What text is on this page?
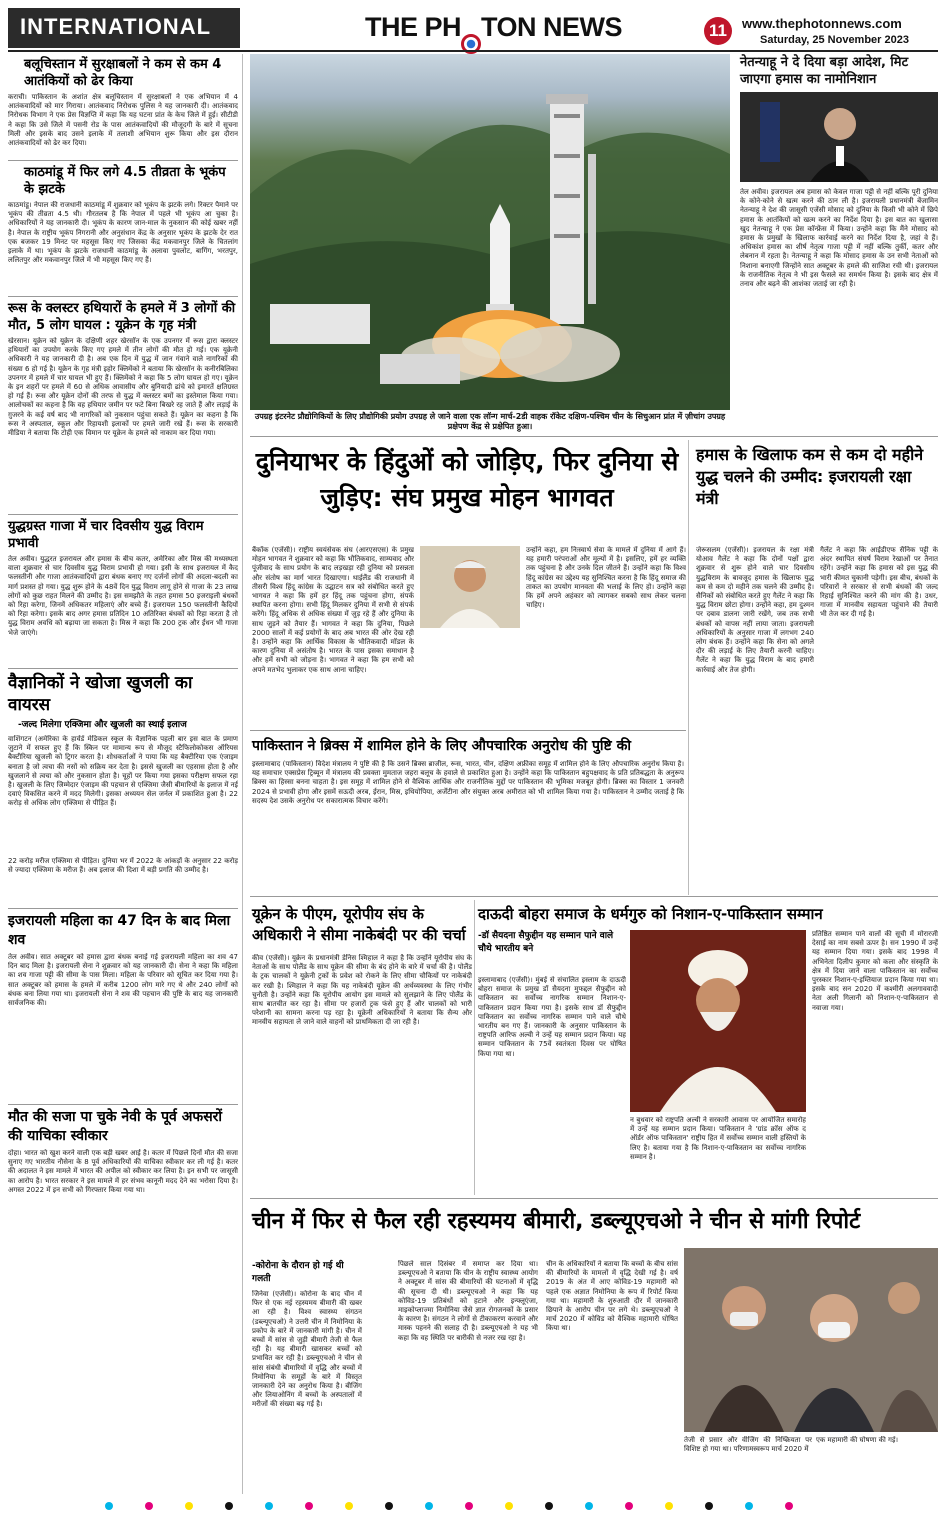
INTERNATIONAL	THE PH TON NEWS	11	www.thephotonnews.com
Saturday, 25 November 2023
बलूचिस्तान में सुरक्षाबलों ने कम से कम 4 आतंकियों को ढेर किया
कराची। पाकिस्तान के अशांत क्षेत्र बलूचिस्तान में सुरक्षाबलों ने एक अभियान में 4 आतंकवादियों को मार गिराया। आतंकवाद निरोधक पुलिस ने यह जानकारी दी। आतंकवाद निरोधक विभाग ने एक प्रेस विज्ञप्ति में कहा कि यह घटना प्रांत के केच जिले में हुई। सीटीडी ने कहा कि उसे जिले में पसनी रोड के पास आतंकवादियों की मौजूदगी के बारे में सूचना मिली और इसके बाद उसने इलाके में तलाशी अभियान शुरू किया और इस दौरान आतंकवादियों को ढेर कर दिया।
काठमांडू में फिर लगे 4.5 तीव्रता के भूकंप के झटके
काठमांडू। नेपाल की राजधानी काठमांडू में शुक्रवार को भूकंप के झटके लगे। रिक्टर पैमाने पर भूकंप की तीव्रता 4.5 थी। गौरतलब है कि नेपाल में पहले भी भूकंप आ चुका है। अधिकारियों ने यह जानकारी दी। भूकंप के कारण जान-माल के नुकसान की कोई खबर नहीं है। नेपाल के राष्ट्रीय भूकंप निगरानी और अनुसंधान केंद्र के अनुसार भूकंप के झटके देर रात एक बजकर 19 मिनट पर महसूस किए गए जिसका केंद्र मकवानपुर जिले के चितलांग इलाके में था। भूकंप के झटके राजधानी काठमांडू के अलावा पुवलोट, बागिंग, भरतपुर, ललितपुर और मकवानपुर जिले में भी महसूस किए गए हैं।
रूस के क्लस्टर हथियारों के हमले में 3 लोगों की मौत, 5 लोग घायल : यूक्रेन के गृह मंत्री
खेरसान। यूक्रेन को यूक्रेन के दक्षिणी शहर खेरसॉन के एक उपनगर में रूस द्वारा क्लस्टर हथियारों का उपयोग करके किए गए हमले में तीन लोगों की मौत हो गई। एक यूक्रेनी अधिकारी ने यह जानकारी दी है। अब एक दिन में युद्ध में जान गंवाने वाले नागरिकों की संख्या 6 हो गई है। यूक्रेन के गृह मंत्री इहोर क्लिमेंको ने बताया कि खेरसॉन के कनीरबिलिका उपनगर में हमले में चार घायल भी हुए हैं। क्लिमेंको ने कहा कि 5 लोग घायल हो गए। यूक्रेन के इन शहरों पर हमले में 60 से अधिक आवासीय और बुनियादी ढांचे को इमारतें क्षतिग्रस्त हो गई हैं। रूस और यूक्रेन दोनों की तरफ से युद्ध में क्लस्टर बमों का इस्तेमाल किया गया। आलोचकों का कहना है कि वह हथियार जमीन पर फटे बिना बिखरे रह जाते हैं और लड़ाई के ग़ुजरने के कई वर्ष बाद भी नागरिकों को नुकसान पहुंचा सकते हैं। यूक्रेन का कहना है कि रूस ने अस्पताल, स्कूल और रिहायशी इलाकों पर हमले जारी रखे हैं। रूस के सरकारी मीडिया ने बताया कि टोही एक विमान पर यूक्रेन के हमले को नाकाम कर दिया गया।
युद्धग्रस्त गाजा में चार दिवसीय युद्ध विराम प्रभावी
तेल अवीव। युद्धरत इजरायल और हमास के बीच कतर, अमेरिका और मिस्र की मध्यस्थता वाला शुक्रवार से चार दिवसीय युद्ध विराम प्रभावी हो गया। इसी के साथ इजरायल में कैद फलस्तीनी और गाजा आतंकवादियों द्वारा बंधक बनाए गए दर्जनों लोगों की अदला-बदली का मार्ग प्रशस्त हो गया। युद्ध शुरू होने के 48वें दिन युद्ध विराम लागू होने से गाजा के 23 लाख लोगों को कुछ राहत मिलने की उम्मीद है। इस समझौते के तहत हमास 50 इजराइली बंधकों को रिहा करेगा, जिनमें अधिकतर महिलाएं और बच्चे हैं। इजरायल 150 फलस्तीनी कैदियों को रिहा करेगा। इसके बाद अगर हमास प्रतिदिन 10 अतिरिक्त बंधकों को रिहा करता है तो युद्ध विराम अवधि को बढ़ाया जा सकता है। मिस्र ने कहा कि 200 ट्रक और ईंधन भी गाजा भेजे जाएंगे।
वैज्ञानिकों ने खोजा खुजली का वायरस
-जल्द मिलेगा एक्जिमा और खुजली का स्थाई इलाज
वाशिंगटन (अमेरिका के हार्वर्ड मेडिकल स्कूल के वैज्ञानिक पहली बार इस बात के प्रमाण जुटाने में सफल हुए हैं कि स्किन पर मामान्य रूप से मौजूद स्टैफिलोकोकस ऑरियस बैक्टीरिया खुजली को ट्रिगर करता है। शोधकर्ताओं ने पाया कि यह बैक्टीरिया एक एंजाइम बनाता है जो त्वचा की नसों को सक्रिय कर देता है। इससे खुजली का एहसास होता है और खुजलाने से त्वचा को और नुकसान होता है। चूहों पर किया गया इसका परीक्षण सफल रहा है। खुजली के लिए जिम्मेदार एंजाइम की पहचान से एक्जिमा जैसी बीमारियों के इलाज में नई दवाएं विकसित करने में मदद मिलेगी। इसका अध्ययन सेल जर्नल में प्रकाशित हुआ है। 22 करोड़ से अधिक लोग एक्जिमा से पीड़ित हैं।
22 करोड़ मरीज एक्जिमा से पीड़ित। दुनिया भर में 2022 के आंकड़ों के अनुसार 22 करोड़ से ज्यादा एक्जिमा के मरीज हैं। अब इलाज की दिशा में बड़ी प्रगति की उम्मीद है।
इजरायली महिला का 47 दिन के बाद मिला शव
तेल अवीव। सात अक्टूबर को हमास द्वारा बंधक बनाई गई इजरायली महिला का शव 47 दिन बाद मिला है। इजरायली सेना ने शुक्रवार को यह जानकारी दी। सेना ने कहा कि महिला का शव गाजा पट्टी की सीमा के पास मिला। महिला के परिवार को सूचित कर दिया गया है। सात अक्टूबर को हमास के हमले में करीब 1200 लोग मारे गए थे और 240 लोगों को बंधक बना लिया गया था। इजरायली सेना ने शव की पहचान की पुष्टि के बाद यह जानकारी सार्वजनिक की।
मौत की सजा पा चुके नेवी के पूर्व अफसरों की याचिका स्वीकार
दोहा। भारत को खुश करने वाली एक बड़ी खबर आई है। कतर में पिछले दिनों मौत की सजा सुनाए गए भारतीय नौसेना के 8 पूर्व अधिकारियों की याचिका स्वीकार कर ली गई है। कतर की अदालत ने इस मामले में भारत की अपील को स्वीकार कर लिया है। इन सभी पर जासूसी का आरोप है। भारत सरकार ने इस मामले में हर संभव कानूनी मदद देने का भरोसा दिया है। अगस्त 2022 में इन सभी को गिरफ्तार किया गया था।
उपग्रह इंटरनेट प्रौद्योगिकियों के लिए प्रौद्योगिकी प्रयोग उपग्रह ले जाने वाला एक लॉन्ग मार्च-2डी वाहक रॉकेट दक्षिण-पश्चिम चीन के सिचुआन प्रांत में ज़ीचांग उपग्रह प्रक्षेपण केंद्र से प्रक्षेपित हुआ।
नेतन्याहू ने दे दिया बड़ा आदेश, मिट जाएगा हमास का नामोनिशान
तेल अवीव। इजरायल अब हमास को केवल गाजा पट्टी से नहीं बल्कि पूरी दुनिया के कोने-कोने से खत्म करने की ठान ली है। इजरायली प्रधानमंत्री बेंजामिन नेतन्याहू ने देश की जासूसी एजेंसी मोसाद को दुनिया के किसी भी कोने में छिपे हमास के आतंकियों को खत्म करने का निर्देश दिया है। इस बात का खुलासा खुद नेतन्याहू ने एक प्रेस कॉन्फ्रेंस में किया। उन्होंने कहा कि मैंने मोसाद को हमास के प्रमुखों के खिलाफ कार्रवाई करने का निर्देश दिया है, जहां वे हैं। अधिकांश हमास का शीर्ष नेतृत्व गाजा पट्टी में नहीं बल्कि तुर्की, कतर और लेबनान में रहता है। नेतन्याहू ने कहा कि मोसाद हमास के उन सभी नेताओं को निशाना बनाएगी जिन्होंने सात अक्टूबर के हमले की साजिश रची थी। इजरायल के राजनीतिक नेतृत्व ने भी इस फैसले का समर्थन किया है। इसके बाद क्षेत्र में तनाव और बढ़ने की आशंका जताई जा रही है।
दुनियाभर के हिंदुओं को जोड़िए, फिर दुनिया से जुड़िए: संघ प्रमुख मोहन भागवत
बैंकॉक (एजेंसी)। राष्ट्रीय स्वयंसेवक संघ (आरएसएस) के प्रमुख मोहन भागवत ने शुक्रवार को कहा कि भौतिकवाद, साम्यवाद और पूंजीवाद के साथ प्रयोग के बाद लड़खड़ा रही दुनिया को प्रसन्नता और संतोष का मार्ग भारत दिखाएगा। थाईलैंड की राजधानी में तीसरी विश्व हिंदू कांग्रेस के उद्घाटन सत्र को संबोधित करते हुए भागवत ने कहा कि हमें हर हिंदू तक पहुंचना होगा, संपर्क स्थापित करना होगा। सभी हिंदू मिलकर दुनिया में सभी से संपर्क करेंगे। हिंदू अधिक से अधिक संख्या में जुड़ रहे हैं और दुनिया के साथ जुड़ने को तैयार हैं। भागवत ने कहा कि दुनिया, पिछले 2000 सालों में कई प्रयोगों के बाद अब भारत की ओर देख रही है। उन्होंने कहा कि आर्थिक विकास के भौतिकवादी मॉडल के कारण दुनिया में असंतोष है। भारत के पास इसका समाधान है और हमें सभी को जोड़ना है। भागवत ने कहा कि हम सभी को अपने मतभेद भुलाकर एक साथ आना चाहिए।
उन्होंने कहा, हम निःस्वार्थ सेवा के मामले में दुनिया में आगे हैं। यह हमारी परंपराओं और मूल्यों में है। इसलिए, हमें हर व्यक्ति तक पहुंचना है और उनके दिल जीतने हैं। उन्होंने कहा कि विश्व हिंदू कांग्रेस का उद्देश्य यह सुनिश्चित करना है कि हिंदू समाज की ताकत का उपयोग मानवता की भलाई के लिए हो। उन्होंने कहा कि हमें अपने अहंकार को त्यागकर सबको साथ लेकर चलना चाहिए।
हमास के खिलाफ कम से कम दो महीने युद्ध चलने की उम्मीद: इजरायली रक्षा मंत्री
जेरूसलम (एजेंसी)। इजरायल के रक्षा मंत्री योआव गैलेंट ने कहा कि दोनों पक्षों द्वारा शुक्रवार से शुरू होने वाले चार दिवसीय युद्धविराम के बावजूद हमास के खिलाफ युद्ध कम से कम दो महीने तक चलने की उम्मीद है। सैनिकों को संबोधित करते हुए गैलेंट ने कहा कि युद्ध विराम छोटा होगा। उन्होंने कहा, हम दुश्मन पर दबाव डालना जारी रखेंगे, जब तक सभी बंधकों को वापस नहीं लाया जाता। इजरायली अधिकारियों के अनुसार गाजा में लगभग 240 लोग बंधक हैं। उन्होंने कहा कि सेना को अगले दौर की लड़ाई के लिए तैयारी करनी चाहिए। गैलेंट ने कहा कि युद्ध विराम के बाद हमारी कार्रवाई और तेज होगी।
गैलेंट ने कहा कि आईडीएफ सैनिक पट्टी के अंदर स्थापित संघर्ष विराम रेखाओं पर तैनात रहेंगे। उन्होंने कहा कि हमास को इस युद्ध की भारी कीमत चुकानी पड़ेगी। इस बीच, बंधकों के परिवारों ने सरकार से सभी बंधकों की जल्द रिहाई सुनिश्चित करने की मांग की है। उधर, गाजा में मानवीय सहायता पहुंचाने की तैयारी भी तेज कर दी गई है।
पाकिस्तान ने ब्रिक्स में शामिल होने के लिए औपचारिक अनुरोध की पुष्टि की
इस्लामाबाद (पाकिस्तान) विदेश मंत्रालय ने पुष्टि की है कि उसने ब्रिक्स ब्राजील, रूस, भारत, चीन, दक्षिण अफ्रीका समूह में शामिल होने के लिए औपचारिक अनुरोध किया है। यह समाचार एक्सप्रेस ट्रिब्यून में मंत्रालय की प्रवक्ता मुमताज जहरा बलूच के हवाले से प्रकाशित हुआ है। उन्होंने कहा कि पाकिस्तान बहुपक्षवाद के प्रति प्रतिबद्धता के अनुरूप ब्रिक्स का हिस्सा बनना चाहता है। इस समूह में शामिल होने से वैश्विक आर्थिक और राजनीतिक मुद्दों पर पाकिस्तान की भूमिका मजबूत होगी। ब्रिक्स का विस्तार 1 जनवरी 2024 से प्रभावी होगा और इसमें सऊदी अरब, ईरान, मिस्र, इथियोपिया, अर्जेंटीना और संयुक्त अरब अमीरात को भी शामिल किया गया है। पाकिस्तान ने उम्मीद जताई है कि सदस्य देश उसके अनुरोध पर सकारात्मक विचार करेंगे।
यूक्रेन के पीएम, यूरोपीय संघ के अधिकारी ने सीमा नाकेबंदी पर की चर्चा
कीव (एजेंसी)। यूक्रेन के प्रधानमंत्री डेनिस श्मिहाल ने कहा है कि उन्होंने यूरोपीय संघ के नेताओं के साथ पोलैंड के साथ यूक्रेन की सीमा के बंद होने के बारे में चर्चा की है। पोलैंड के ट्रक चालकों ने यूक्रेनी ट्रकों के प्रवेश को रोकने के लिए सीमा चौकियों पर नाकेबंदी कर रखी है। श्मिहाल ने कहा कि यह नाकेबंदी यूक्रेन की अर्थव्यवस्था के लिए गंभीर चुनौती है। उन्होंने कहा कि यूरोपीय आयोग इस मामले को सुलझाने के लिए पोलैंड के साथ बातचीत कर रहा है। सीमा पर हजारों ट्रक फंसे हुए हैं और चालकों को भारी परेशानी का सामना करना पड़ रहा है। यूक्रेनी अधिकारियों ने बताया कि सैन्य और मानवीय सहायता ले जाने वाले वाहनों को प्राथमिकता दी जा रही है।
दाऊदी बोहरा समाज के धर्मगुरु को निशान-ए-पाकिस्तान सम्मान
-डॉ सैयदना सैफुद्दीन यह सम्मान पाने वाले चौथे भारतीय बने
इस्लामाबाद (एजेंसी)। मुंबई से संचालित इस्लाम के दाऊदी बोहरा समाज के प्रमुख डॉ सैयदना मुफद्दल सैफुद्दीन को पाकिस्तान का सर्वोच्च नागरिक सम्मान निशान-ए-पाकिस्तान प्रदान किया गया है। इसके साथ डॉ सैफुद्दीन पाकिस्तान का सर्वोच्च नागरिक सम्मान पाने वाले चौथे भारतीय बन गए हैं। जानकारी के अनुसार पाकिस्तान के राष्ट्रपति आरिफ अल्वी ने उन्हें यह सम्मान प्रदान किया। यह सम्मान पाकिस्तान के 75वें स्वतंत्रता दिवस पर घोषित किया गया था।
न बुधवार को राष्ट्रपति अल्वी ने सरकारी आवास पर आयोजित समारोह में उन्हें यह सम्मान प्रदान किया। पाकिस्तान ने 'ग्रांड क्रॉस ऑफ द ऑर्डर ऑफ पाकिस्तान' राष्ट्रीय हित में सर्वोच्च सम्मान वाली हस्तियों के लिए है। बताया गया है कि निशान-ए-पाकिस्तान का सर्वोच्च नागरिक सम्मान है।
प्रतिष्ठित सम्मान पाने वालों की सूची में मोरारजी देसाई का नाम सबसे ऊपर है। सन 1990 में उन्हें यह सम्मान दिया गया। इसके बाद 1998 में अभिनेता दिलीप कुमार को कला और संस्कृति के क्षेत्र में दिया जाने वाला पाकिस्तान का सर्वोच्च पुरस्कार निशान-ए-इम्तियाज प्रदान किया गया था। इसके बाद सन 2020 में कश्मीरी अलगाववादी नेता अली गिलानी को निशान-ए-पाकिस्तान से नवाजा गया।
चीन में फिर से फैल रही रहस्यमय बीमारी, डब्ल्यूएचओ ने चीन से मांगी रिपोर्ट
-कोरोना के दौरान हो गई थी गलती
जिनेवा (एजेंसी)। कोरोना के बाद चीन में फिर से एक नई रहस्यमय बीमारी की खबर आ रही है। विश्व स्वास्थ्य संगठन (डब्ल्यूएचओ) ने उत्तरी चीन में निमोनिया के प्रकोप के बारे में जानकारी मांगी है। चीन में बच्चों में सांस से जुड़ी बीमारी तेजी से फैल रही है। यह बीमारी खासकर बच्चों को प्रभावित कर रही है। डब्ल्यूएचओ ने चीन से सांस संबंधी बीमारियों में वृद्धि और बच्चों में निमोनिया के समूहों के बारे में विस्तृत जानकारी देने का अनुरोध किया है। बीजिंग और लियाओनिंग में बच्चों के अस्पतालों में मरीजों की संख्या बढ़ गई है।
पिछले साल दिसंबर में समाप्त कर दिया था। डब्ल्यूएचओ ने बताया कि चीन के राष्ट्रीय स्वास्थ्य आयोग ने अक्टूबर में सांस की बीमारियों की घटनाओं में वृद्धि की सूचना दी थी। डब्ल्यूएचओ ने कहा कि यह कोविड-19 प्रतिबंधों को हटाने और इन्फ्लूएंजा, माइकोप्लाज्मा निमोनिया जैसे ज्ञात रोगजनकों के प्रसार के कारण है। संगठन ने लोगों से टीकाकरण करवाने और मास्क पहनने की सलाह दी है। डब्ल्यूएचओ ने यह भी कहा कि वह स्थिति पर बारीकी से नजर रख रहा है।
चीन के अधिकारियों ने बताया कि बच्चों के बीच सांस की बीमारियों के मामलों में वृद्धि देखी गई है। वर्ष 2019 के अंत में आए कोविड-19 महामारी को पहले एक अज्ञात निमोनिया के रूप में रिपोर्ट किया गया था। महामारी के शुरुआती दौर में जानकारी छिपाने के आरोप चीन पर लगे थे। डब्ल्यूएचओ ने मार्च 2020 में कोविड को वैश्विक महामारी घोषित किया था।
तेजी से प्रसार और वीजिंग की निष्क्रियता पर विशिष्ट हो गया था। परिणामस्वरूप मार्च 2020 में
एक महामारी की घोषणा की गई।
